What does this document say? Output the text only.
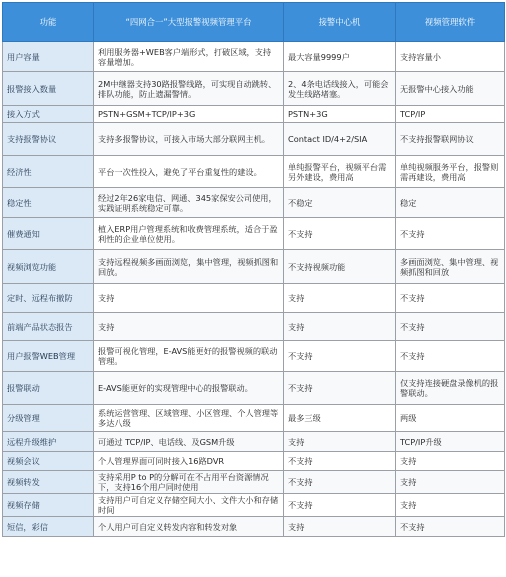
功能	“四网合一”大型报警视频管理平台	接警中心机	视频管理软件
用户容量	利用服务器+WEB客户端形式，打破区域，支持容量增加。	最大容量9999户	支持容量小
报警接入数量	2M中继器支持30路报警线路，可实现自动跳转、排队功能，防止遗漏警情。	2、4条电话线接入，可能会发生线路堵塞。	无报警中心接入功能
接入方式	PSTN+GSM+TCP/IP+3G	PSTN+3G	TCP/IP
支持报警协议	支持多报警协议，可接入市场大部分联网主机。	Contact ID/4+2/SIA	不支持报警联网协议
经济性	平台一次性投入，避免了平台重复性的建设。	单纯报警平台，视频平台需另外建设，费用高	单纯视频服务平台，报警则需再建设，费用高
稳定性	经过2年26家电信、网通、345家保安公司使用，实践证明系统稳定可靠。	不稳定	稳定
催费通知	植入ERP用户管理系统和收费管理系统，适合于盈利性的企业单位使用。	不支持	不支持
视频浏览功能	支持远程视频多画面浏览，集中管理，视频抓图和回放。	不支持视频功能	多画面浏览、集中管理、视频抓图和回放
定时、远程布撤防	支持	支持	不支持
前端产品状态报告	支持	支持	不支持
用户报警WEB管理	报警可视化管理，E-AVS能更好的报警视频的联动管理。	不支持	不支持
报警联动	E-AVS能更好的实现管理中心的报警联动。	不支持	仅支持连接硬盘录像机的报警联动。
分级管理	系统运营管理、区域管理、小区管理、个人管理等多达八级	最多三级	两级
远程升级维护	可通过 TCP/IP、电话线、及GSM升级	支持	TCP/IP升级
视频会议	个人管理界面可同时接入16路DVR	不支持	支持
视频转发	支持采用P to P的分解可在不占用平台资源情况下，支持16个用户同时使用	不支持	支持
视频存储	支持用户可自定义存储空间大小、文件大小和存储时间	不支持	支持
短信，彩信	个人用户可自定义转发内容和转发对象	支持	不支持
